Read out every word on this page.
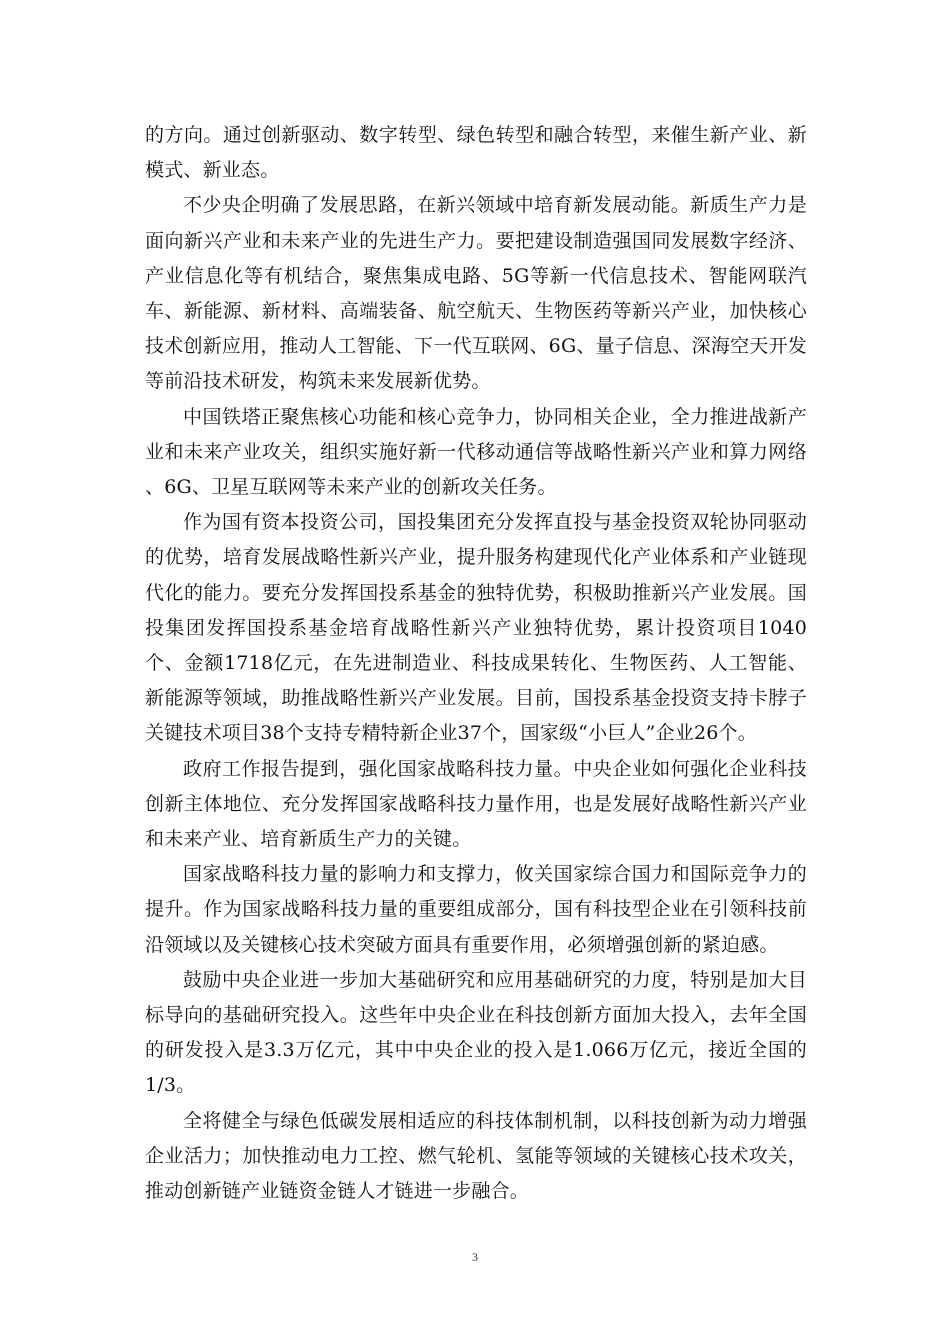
的方向。通过创新驱动、数字转型、绿色转型和融合转型，来催生新产业、新模式、新业态。

不少央企明确了发展思路，在新兴领域中培育新发展动能。新质生产力是面向新兴产业和未来产业的先进生产力。要把建设制造强国同发展数字经济、产业信息化等有机结合，聚焦集成电路、5G等新一代信息技术、智能网联汽车、新能源、新材料、高端装备、航空航天、生物医药等新兴产业，加快核心技术创新应用，推动人工智能、下一代互联网、6G、量子信息、深海空天开发等前沿技术研发，构筑未来发展新优势。

中国铁塔正聚焦核心功能和核心竞争力，协同相关企业，全力推进战新产业和未来产业攻关，组织实施好新一代移动通信等战略性新兴产业和算力网络 、6G、卫星互联网等未来产业的创新攻关任务。

作为国有资本投资公司，国投集团充分发挥直投与基金投资双轮协同驱动的优势，培育发展战略性新兴产业，提升服务构建现代化产业体系和产业链现代化的能力。要充分发挥国投系基金的独特优势，积极助推新兴产业发展。国投集团发挥国投系基金培育战略性新兴产业独特优势，累计投资项目1040个、金额1718亿元，在先进制造业、科技成果转化、生物医药、人工智能、新能源等领域，助推战略性新兴产业发展。目前，国投系基金投资支持卡脖子关键技术项目38个支持专精特新企业37个，国家级“小巨人”企业26个。

政府工作报告提到，强化国家战略科技力量。中央企业如何强化企业科技创新主体地位、充分发挥国家战略科技力量作用，也是发展好战略性新兴产业和未来产业、培育新质生产力的关键。

国家战略科技力量的影响力和支撑力，攸关国家综合国力和国际竞争力的提升。作为国家战略科技力量的重要组成部分，国有科技型企业在引领科技前沿领域以及关键核心技术突破方面具有重要作用，必须增强创新的紧迫感。

鼓励中央企业进一步加大基础研究和应用基础研究的力度，特别是加大目标导向的基础研究投入。这些年中央企业在科技创新方面加大投入，去年全国的研发投入是3.3万亿元，其中中央企业的投入是1.066万亿元，接近全国的1/3。

全将健全与绿色低碳发展相适应的科技体制机制，以科技创新为动力增强企业活力；加快推动电力工控、燃气轮机、氢能等领域的关键核心技术攻关，推动创新链产业链资金链人才链进一步融合。

3
